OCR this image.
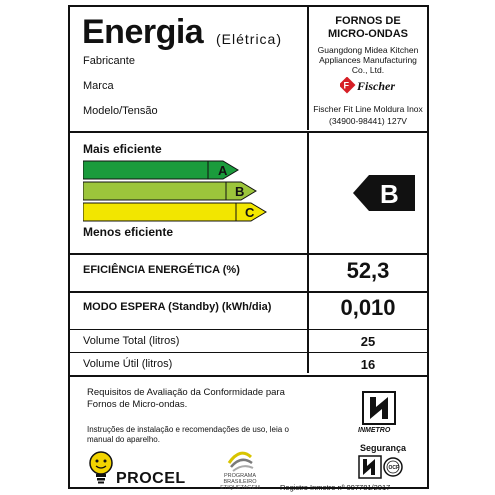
Energia (Elétrica)
Fabricante
Marca
Modelo/Tensão
FORNOS DE MICRO-ONDAS
Guangdong Midea Kitchen Appliances Manufacturing Co., Ltd.
F Fischer
Fischer Fit Line Moldura Inox
(34900-98441) 127V
Mais eficiente
Menos eficiente
A
B
C
B
EFICIÊNCIA ENERGÉTICA (%)	52,3
MODO ESPERA (Standby) (kWh/dia)	0,010
Volume Total (litros)	25
Volume Útil (litros)	16
Requisitos de Avaliação da Conformidade para Fornos de Micro-ondas.
Instruções de instalação e recomendações de uso, leia o manual do aparelho.
INMETRO
Segurança
OCP
PROCEL	PROGRAMA BRASILEIRO ETIQUETAGEM	Registro Inmetro nº 007781/2017
